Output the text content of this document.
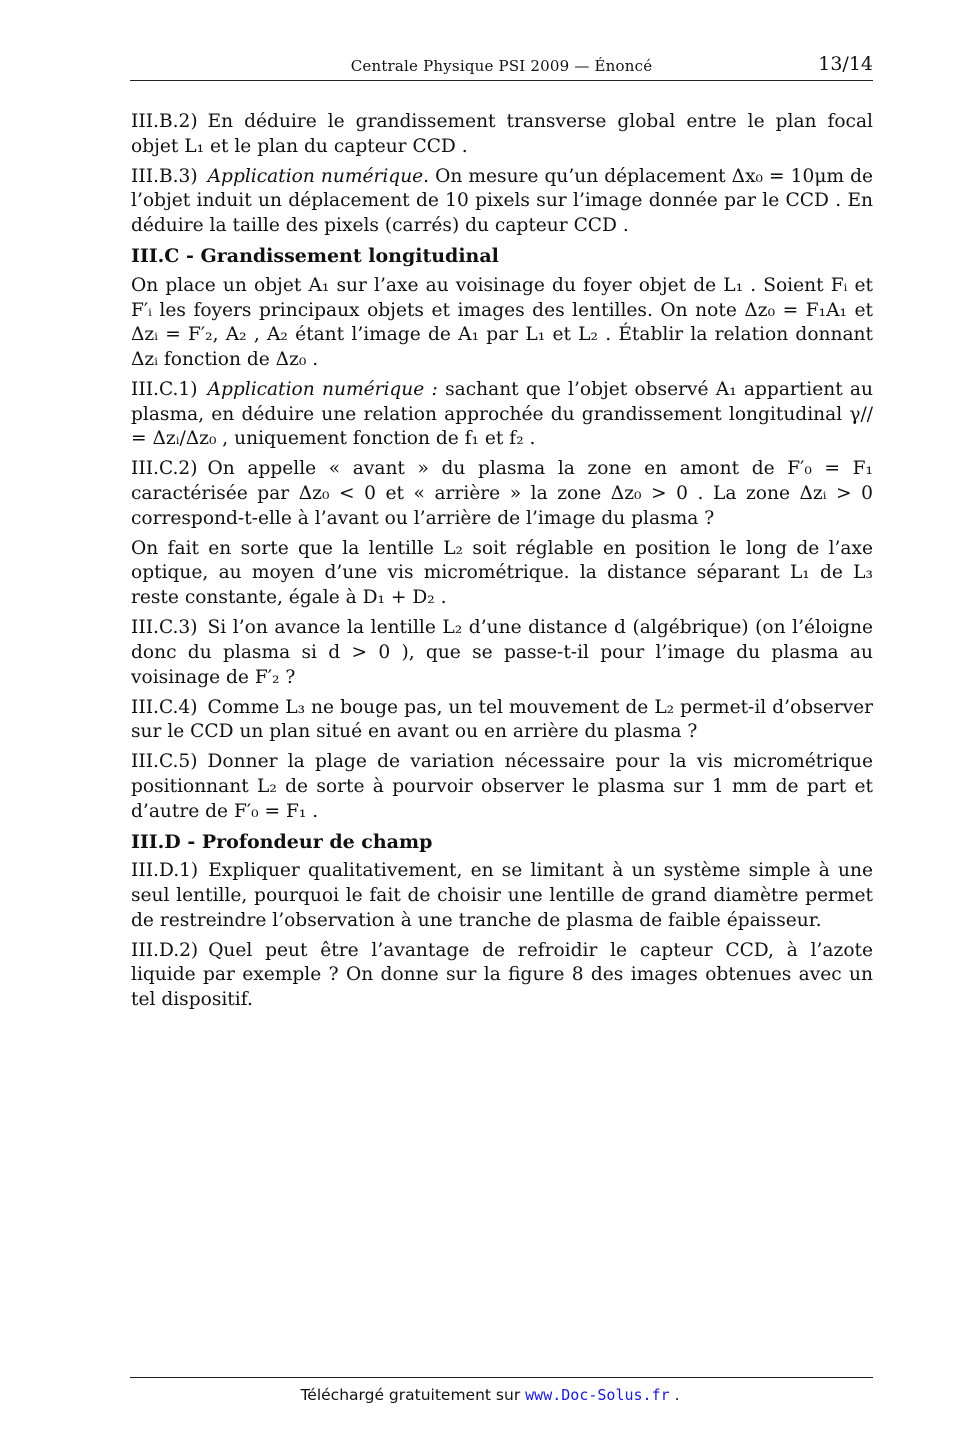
Centrale Physique PSI 2009 — Énoncé	13/14

III.B.2) En déduire le grandissement transverse global entre le plan focal objet L₁ et le plan du capteur CCD .

III.B.3) Application numérique. On mesure qu’un déplacement Δx₀ = 10μm de l’objet induit un déplacement de 10 pixels sur l’image donnée par le CCD . En déduire la taille des pixels (carrés) du capteur CCD .

III.C - Grandissement longitudinal

On place un objet A₁ sur l’axe au voisinage du foyer objet de L₁ . Soient Fᵢ et F′ᵢ les foyers principaux objets et images des lentilles. On note Δz₀ = F₁A₁ et Δzᵢ = F′₂, A₂ , A₂ étant l’image de A₁ par L₁ et L₂ . Établir la relation donnant Δzᵢ fonction de Δz₀ .

III.C.1) Application numérique : sachant que l’objet observé A₁ appartient au plasma, en déduire une relation approchée du grandissement longitudinal γ// = Δzᵢ/Δz₀ , uniquement fonction de f₁ et f₂ .

III.C.2) On appelle « avant » du plasma la zone en amont de F′₀ = F₁ caractérisée par Δz₀ < 0 et « arrière » la zone Δz₀ > 0 . La zone Δzᵢ > 0 correspond-t-elle à l’avant ou l’arrière de l’image du plasma ?

On fait en sorte que la lentille L₂ soit réglable en position le long de l’axe optique, au moyen d’une vis micrométrique. la distance séparant L₁ de L₃ reste constante, égale à D₁ + D₂ .

III.C.3) Si l’on avance la lentille L₂ d’une distance d (algébrique) (on l’éloigne donc du plasma si d > 0 ), que se passe-t-il pour l’image du plasma au voisinage de F′₂ ?

III.C.4) Comme L₃ ne bouge pas, un tel mouvement de L₂ permet-il d’observer sur le CCD un plan situé en avant ou en arrière du plasma ?

III.C.5) Donner la plage de variation nécessaire pour la vis micrométrique positionnant L₂ de sorte à pourvoir observer le plasma sur 1 mm de part et d’autre de F′₀ = F₁ .

III.D - Profondeur de champ

III.D.1) Expliquer qualitativement, en se limitant à un système simple à une seul lentille, pourquoi le fait de choisir une lentille de grand diamètre permet de restreindre l’observation à une tranche de plasma de faible épaisseur.

III.D.2) Quel peut être l’avantage de refroidir le capteur CCD, à l’azote liquide par exemple ? On donne sur la figure 8 des images obtenues avec un tel dispositif.

Téléchargé gratuitement sur www.Doc-Solus.fr .
